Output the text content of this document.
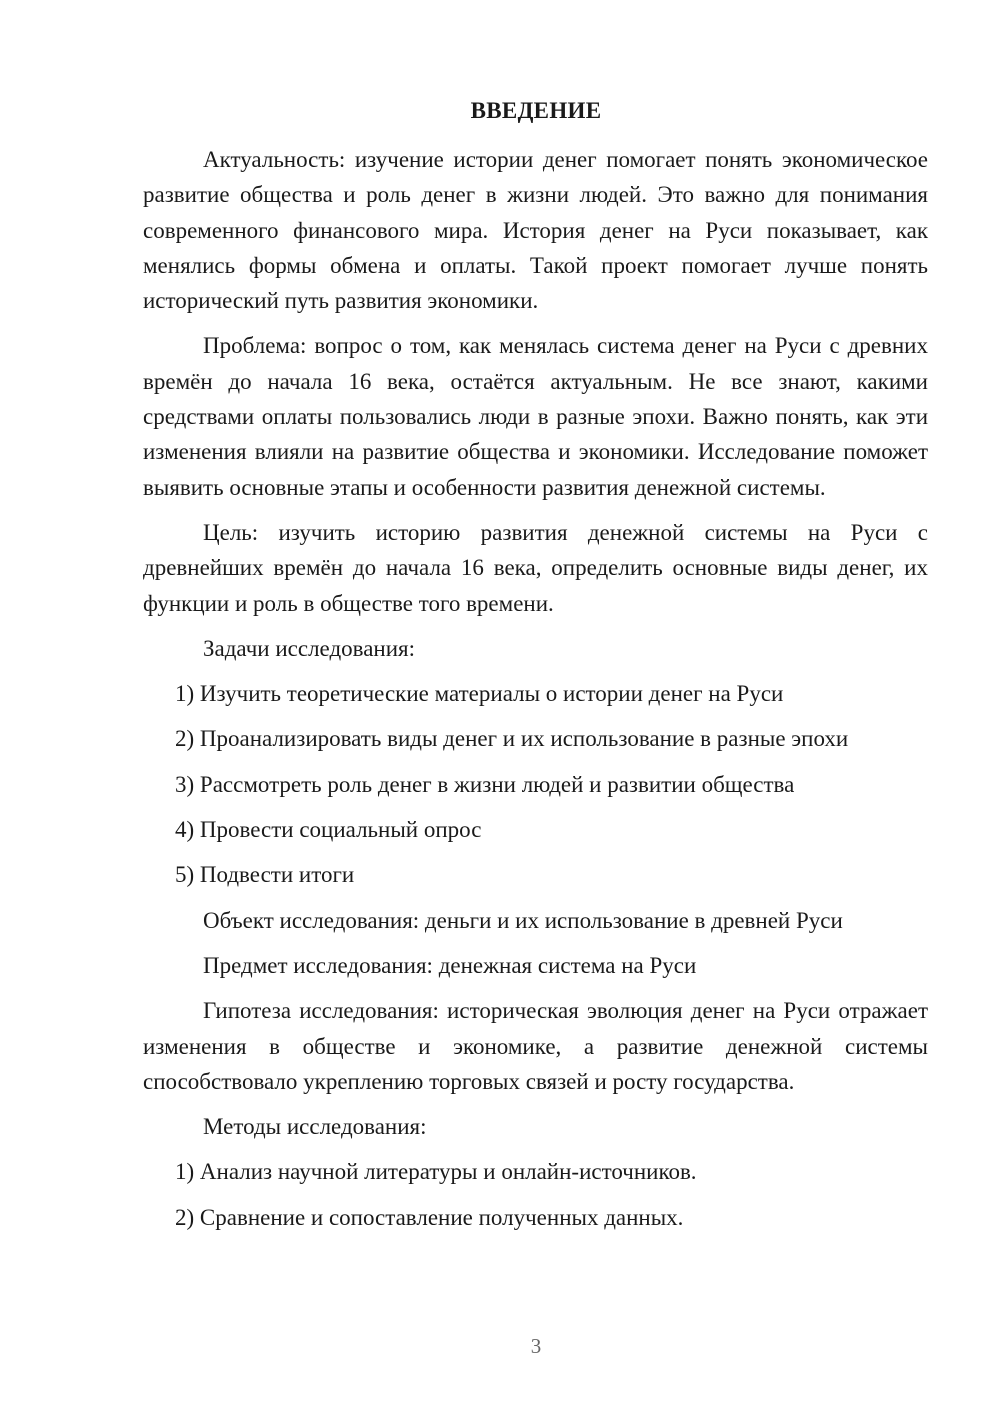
ВВЕДЕНИЕ

Актуальность: изучение истории денег помогает понять экономическое развитие общества и роль денег в жизни людей. Это важно для понимания современного финансового мира. История денег на Руси показывает, как менялись формы обмена и оплаты. Такой проект помогает лучше понять исторический путь развития экономики.

Проблема: вопрос о том, как менялась система денег на Руси с древних времён до начала 16 века, остаётся актуальным. Не все знают, какими средствами оплаты пользовались люди в разные эпохи. Важно понять, как эти изменения влияли на развитие общества и экономики. Исследование поможет выявить основные этапы и особенности развития денежной системы.

Цель: изучить историю развития денежной системы на Руси с древнейших времён до начала 16 века, определить основные виды денег, их функции и роль в обществе того времени.

Задачи исследования:

1) Изучить теоретические материалы о истории денег на Руси

2) Проанализировать виды денег и их использование в разные эпохи

3) Рассмотреть роль денег в жизни людей и развитии общества

4) Провести социальный опрос

5) Подвести итоги

Объект исследования: деньги и их использование в древней Руси

Предмет исследования: денежная система на Руси

Гипотеза исследования: историческая эволюция денег на Руси отражает изменения в обществе и экономике, а развитие денежной системы способствовало укреплению торговых связей и росту государства.

Методы исследования:

1) Анализ научной литературы и онлайн-источников.

2) Сравнение и сопоставление полученных данных.

3
